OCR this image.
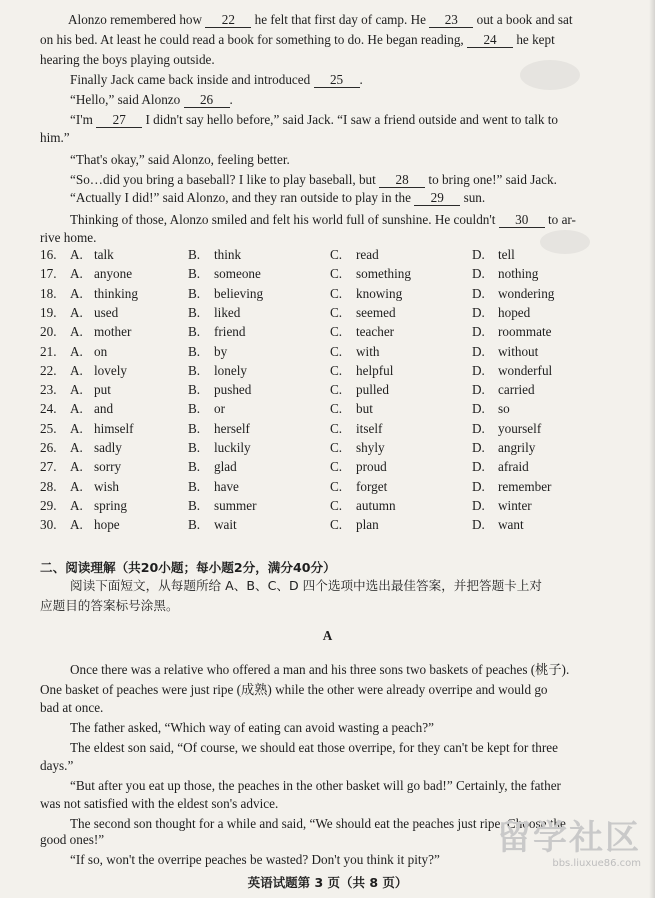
Alonzo remembered how 22 he felt that first day of camp. He 23 out a book and sat
on his bed. At least he could read a book for something to do. He began reading, 24 he kept
hearing the boys playing outside.
Finally Jack came back inside and introduced 25 .
“Hello,” said Alonzo 26 .
“I'm 27 I didn't say hello before,” said Jack. “I saw a friend outside and went to talk to
him.”
“That's okay,” said Alonzo, feeling better.
“So…did you bring a baseball? I like to play baseball, but 28 to bring one!” said Jack.
“Actually I did!” said Alonzo, and they ran outside to play in the 29 sun.
Thinking of those, Alonzo smiled and felt his world full of sunshine. He couldn't 30 to ar-
rive home.
16. A. talk	B. think	C. read	D. tell
17. A. anyone	B. someone	C. something	D. nothing
18. A. thinking	B. believing	C. knowing	D. wondering
19. A. used	B. liked	C. seemed	D. hoped
20. A. mother	B. friend	C. teacher	D. roommate
21. A. on	B. by	C. with	D. without
22. A. lovely	B. lonely	C. helpful	D. wonderful
23. A. put	B. pushed	C. pulled	D. carried
24. A. and	B. or	C. but	D. so
25. A. himself	B. herself	C. itself	D. yourself
26. A. sadly	B. luckily	C. shyly	D. angrily
27. A. sorry	B. glad	C. proud	D. afraid
28. A. wish	B. have	C. forget	D. remember
29. A. spring	B. summer	C. autumn	D. winter
30. A. hope	B. wait	C. plan	D. want
二、阅读理解（共20小题；每小题2分，满分40分）
阅读下面短文，从每题所给 A、B、C、D 四个选项中选出最佳答案，并把答题卡上对
应题目的答案标号涂黑。
A
Once there was a relative who offered a man and his three sons two baskets of peaches (桃子).
One basket of peaches were just ripe (成熟) while the other were already overripe and would go
bad at once.
The father asked, “Which way of eating can avoid wasting a peach?”
The eldest son said, “Of course, we should eat those overripe, for they can't be kept for three
days.”
“But after you eat up those, the peaches in the other basket will go bad!” Certainly, the father
was not satisfied with the eldest son's advice.
The second son thought for a while and said, “We should eat the peaches just ripe. Choose the
good ones!”
“If so, won't the overripe peaches be wasted? Don't you think it pity?”
留学社区
bbs.liuxue86.com
英语试题第 3 页（共 8 页）
